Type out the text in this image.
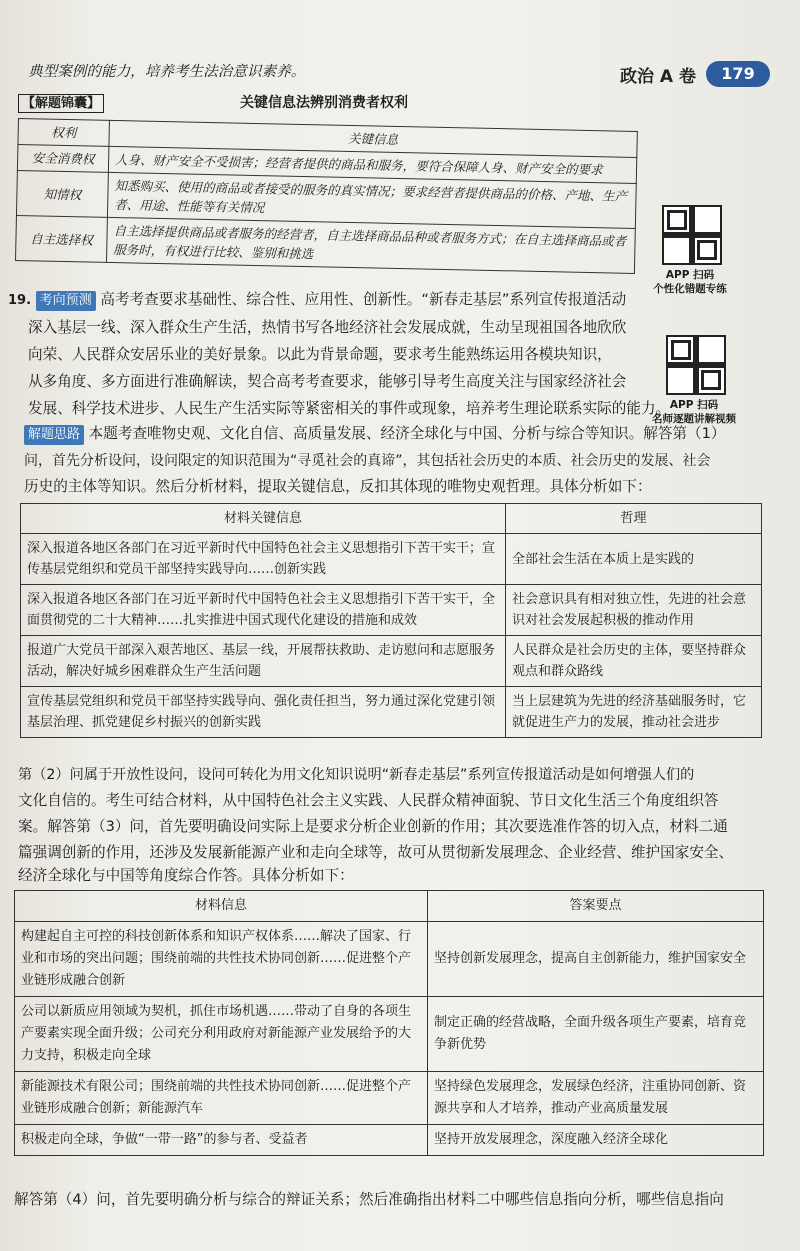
典型案例的能力，培养考生法治意识素养。	政治 A 卷	179
【解题锦囊】	关键信息法辨别消费者权利
权利	关键信息
安全消费权	人身、财产安全不受损害；经营者提供的商品和服务，要符合保障人身、财产安全的要求
知情权	知悉购买、使用的商品或者接受的服务的真实情况；要求经营者提供商品的价格、产地、生产者、用途、性能等有关情况
自主选择权	自主选择提供商品或者服务的经营者，自主选择商品品种或者服务方式；在自主选择商品或者服务时，有权进行比较、鉴别和挑选
APP 扫码
个性化错题专练
APP 扫码
名师逐题讲解视频
19. 考向预测 高考考查要求基础性、综合性、应用性、创新性。“新春走基层”系列宣传报道活动
深入基层一线、深入群众生产生活，热情书写各地经济社会发展成就，生动呈现祖国各地欣欣
向荣、人民群众安居乐业的美好景象。以此为背景命题，要求考生能熟练运用各模块知识，
从多角度、多方面进行准确解读，契合高考考查要求，能够引导考生高度关注与国家经济社会
发展、科学技术进步、人民生产生活实际等紧密相关的事件或现象，培养考生理论联系实际的能力。
解题思路 本题考查唯物史观、文化自信、高质量发展、经济全球化与中国、分析与综合等知识。解答第（1）
问，首先分析设问，设问限定的知识范围为“寻觅社会的真谛”，其包括社会历史的本质、社会历史的发展、社会
历史的主体等知识。然后分析材料，提取关键信息，反扣其体现的唯物史观哲理。具体分析如下：
材料关键信息	哲理
深入报道各地区各部门在习近平新时代中国特色社会主义思想指引下苦干实干；宣传基层党组织和党员干部坚持实践导向……创新实践	全部社会生活在本质上是实践的
深入报道各地区各部门在习近平新时代中国特色社会主义思想指引下苦干实干，全面贯彻党的二十大精神……扎实推进中国式现代化建设的措施和成效	社会意识具有相对独立性，先进的社会意识对社会发展起积极的推动作用
报道广大党员干部深入艰苦地区、基层一线，开展帮扶救助、走访慰问和志愿服务活动，解决好城乡困难群众生产生活问题	人民群众是社会历史的主体，要坚持群众观点和群众路线
宣传基层党组织和党员干部坚持实践导向、强化责任担当，努力通过深化党建引领基层治理、抓党建促乡村振兴的创新实践	当上层建筑为先进的经济基础服务时，它就促进生产力的发展，推动社会进步
第（2）问属于开放性设问，设问可转化为用文化知识说明“新春走基层”系列宣传报道活动是如何增强人们的
文化自信的。考生可结合材料，从中国特色社会主义实践、人民群众精神面貌、节日文化生活三个角度组织答
案。解答第（3）问，首先要明确设问实际上是要求分析企业创新的作用；其次要选准作答的切入点，材料二通
篇强调创新的作用，还涉及发展新能源产业和走向全球等，故可从贯彻新发展理念、企业经营、维护国家安全、
经济全球化与中国等角度综合作答。具体分析如下：
材料信息	答案要点
构建起自主可控的科技创新体系和知识产权体系……解决了国家、行业和市场的突出问题；围绕前端的共性技术协同创新……促进整个产业链形成融合创新	坚持创新发展理念，提高自主创新能力，维护国家安全
公司以新质应用领域为契机，抓住市场机遇……带动了自身的各项生产要素实现全面升级；公司充分利用政府对新能源产业发展给予的大力支持，积极走向全球	制定正确的经营战略，全面升级各项生产要素，培育竞争新优势
新能源技术有限公司；围绕前端的共性技术协同创新……促进整个产业链形成融合创新；新能源汽车	坚持绿色发展理念，发展绿色经济，注重协同创新、资源共享和人才培养，推动产业高质量发展
积极走向全球，争做“一带一路”的参与者、受益者	坚持开放发展理念，深度融入经济全球化
解答第（4）问，首先要明确分析与综合的辩证关系；然后准确指出材料二中哪些信息指向分析，哪些信息指向
